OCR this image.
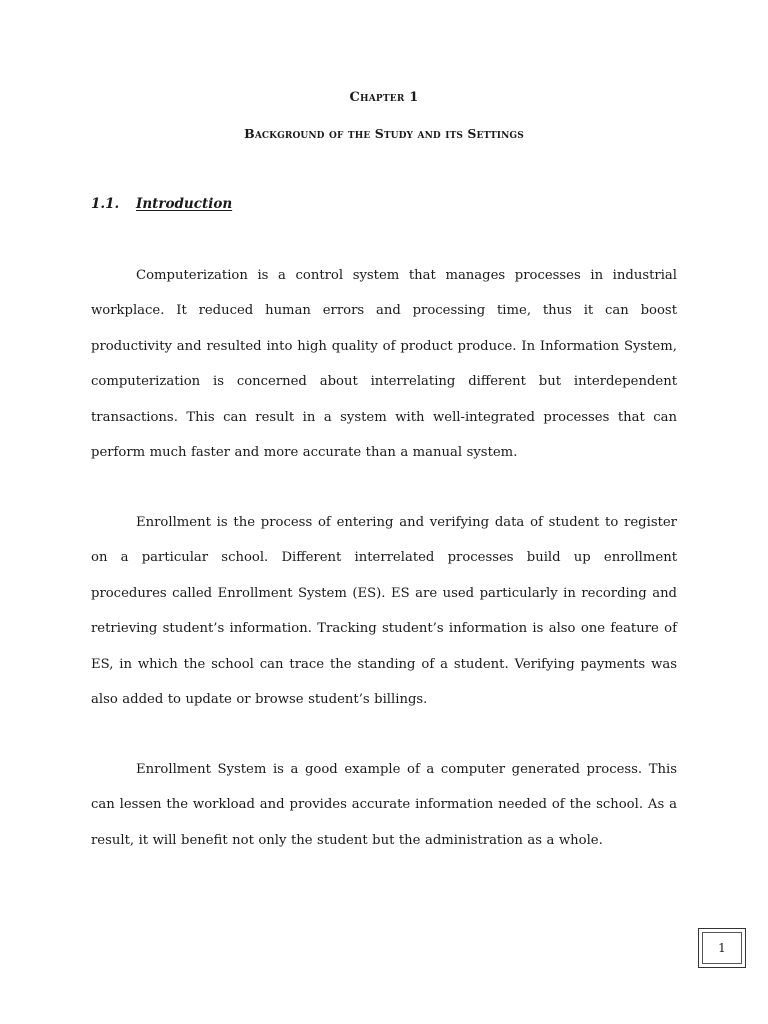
Chapter 1
Background of the Study and its Settings
1.1. Introduction

Computerization is a control system that manages processes in industrial workplace. It reduced human errors and processing time, thus it can boost productivity and resulted into high quality of product produce. In Information System, computerization is concerned about interrelating different but interdependent transactions. This can result in a system with well-integrated processes that can perform much faster and more accurate than a manual system.

Enrollment is the process of entering and verifying data of student to register on a particular school. Different interrelated processes build up enrollment procedures called Enrollment System (ES). ES are used particularly in recording and retrieving student’s information. Tracking student’s information is also one feature of ES, in which the school can trace the standing of a student. Verifying payments was also added to update or browse student’s billings.

Enrollment System is a good example of a computer generated process. This can lessen the workload and provides accurate information needed of the school. As a result, it will benefit not only the student but the administration as a whole.

1
